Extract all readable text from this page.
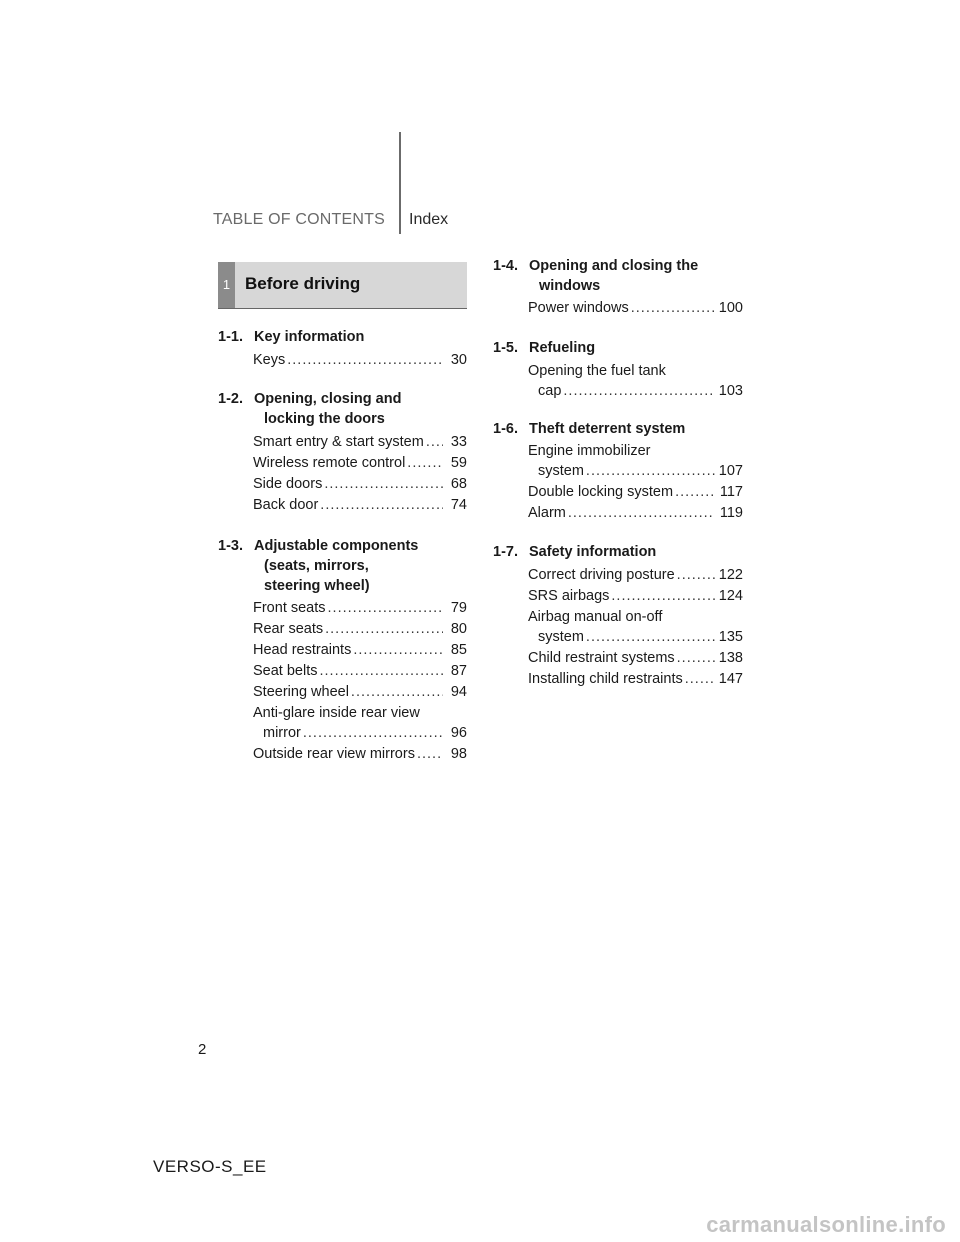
TABLE OF CONTENTS Index
1 Before driving
1-1. Key information
Keys .....	30
1-2. Opening, closing and
locking the doors
Smart entry & start system .....	33
Wireless remote control .....	59
Side doors .....	68
Back door .....	74
1-3. Adjustable components
(seats, mirrors,
steering wheel)
Front seats .....	79
Rear seats .....	80
Head restraints .....	85
Seat belts .....	87
Steering wheel .....	94
Anti-glare inside rear view
mirror .....	96
Outside rear view mirrors .....	98
1-4. Opening and closing the
windows
Power windows .....	100
1-5. Refueling
Opening the fuel tank
cap .....	103
1-6. Theft deterrent system
Engine immobilizer
system .....	107
Double locking system .....	117
Alarm .....	119
1-7. Safety information
Correct driving posture .....	122
SRS airbags .....	124
Airbag manual on-off
system .....	135
Child restraint systems .....	138
Installing child restraints ..... 147
2
VERSO-S_EE
carmanualsonline.info
